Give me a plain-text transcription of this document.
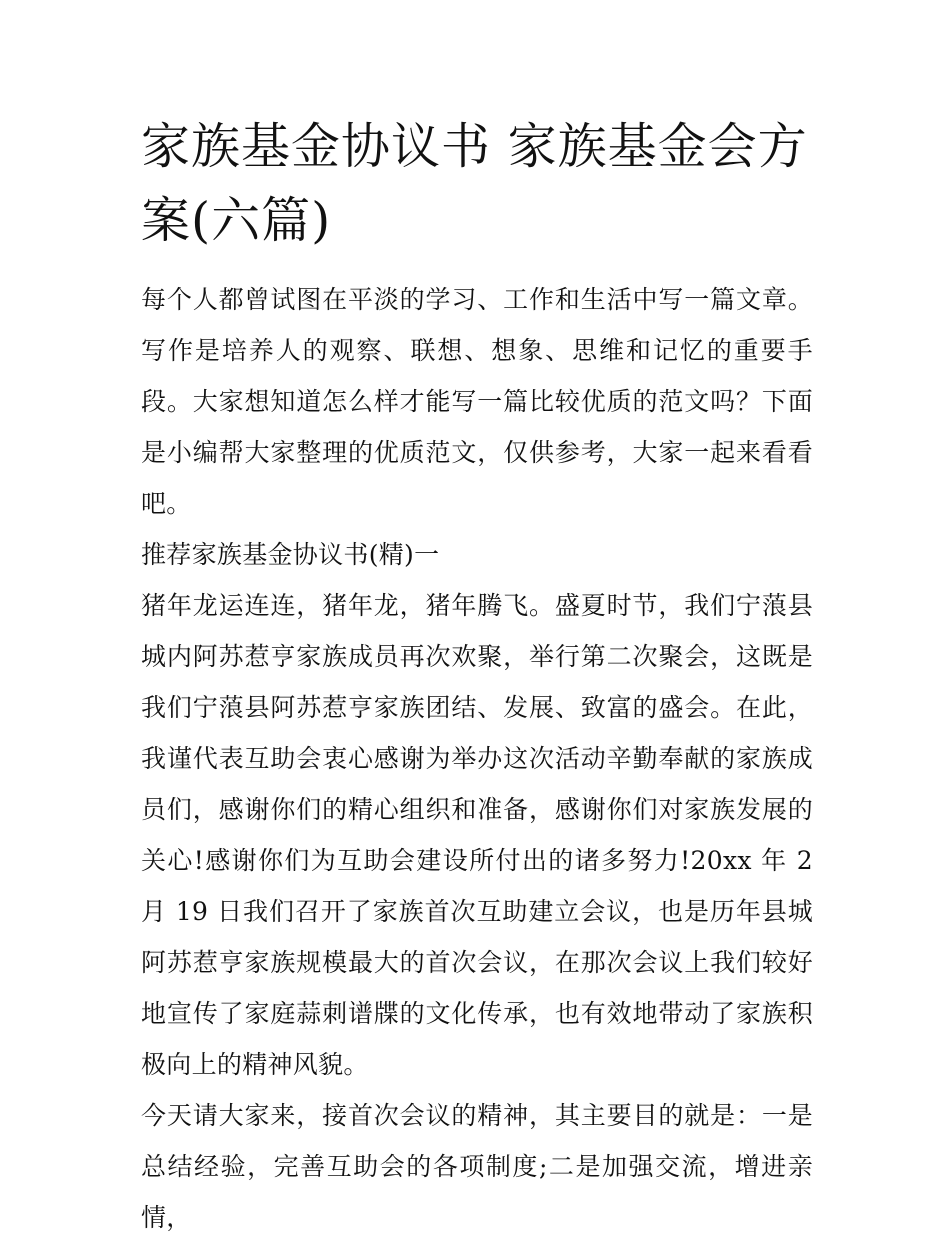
家族基金协议书 家族基金会方案(六篇)

每个人都曾试图在平淡的学习、工作和生活中写一篇文章。写作是培养人的观察、联想、想象、思维和记忆的重要手段。大家想知道怎么样才能写一篇比较优质的范文吗？下面是小编帮大家整理的优质范文，仅供参考，大家一起来看看吧。

推荐家族基金协议书(精)一

猪年龙运连连，猪年龙，猪年腾飞。盛夏时节，我们宁蒗县城内阿苏惹亨家族成员再次欢聚，举行第二次聚会，这既是我们宁蒗县阿苏惹亨家族团结、发展、致富的盛会。在此，我谨代表互助会衷心感谢为举办这次活动辛勤奉献的家族成员们，感谢你们的精心组织和准备，感谢你们对家族发展的关心!感谢你们为互助会建设所付出的诸多努力!20xx 年 2 月 19 日我们召开了家族首次互助建立会议，也是历年县城阿苏惹亨家族规模最大的首次会议，在那次会议上我们较好地宣传了家庭蒜刺谱牒的文化传承，也有效地带动了家族积极向上的精神风貌。

今天请大家来，接首次会议的精神，其主要目的就是：一是总结经验，完善互助会的各项制度;二是加强交流，增进亲情，
